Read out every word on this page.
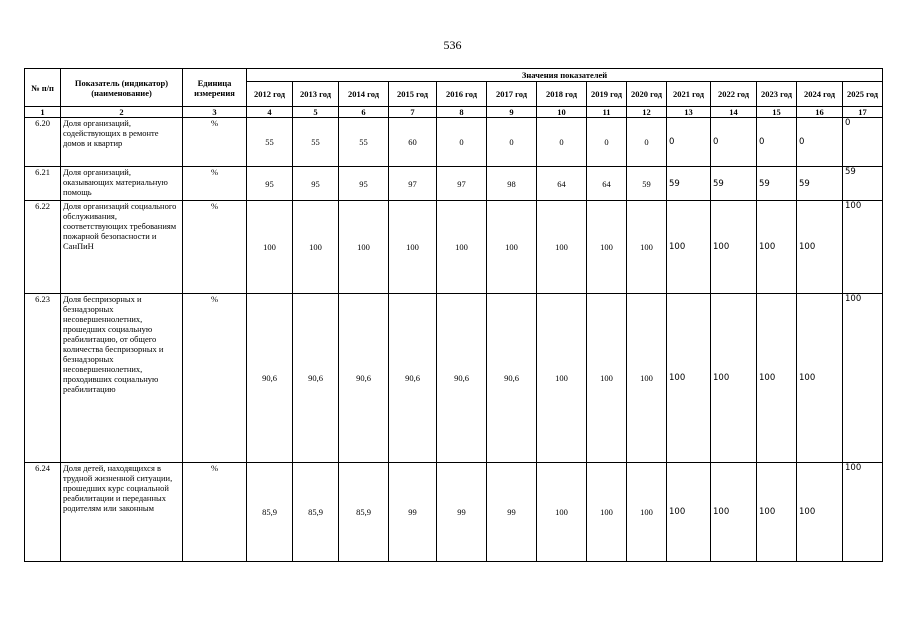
536
№ п/п	Показатель (индикатор) (наименование)	Единица измерения	Значения показателей													
			2012 год	2013 год	2014 год	2015 год	2016 год	2017 год	2018 год	2019 год	2020 год	2021 год	2022 год	2023 год	2024 год	2025 год
1	2	3	4	5	6	7	8	9	10	11	12	13	14	15	16	17
6.20	Доля организаций, содействующих в ремонте домов и квартир	%	55	55	55	60	0	0	0	0	0	0	0	0	0	0
6.21	Доля организаций, оказывающих материальную помощь	%	95	95	95	97	97	98	64	64	59	59	59	59	59	59
6.22	Доля организаций социального обслуживания, соответствующих требованиям пожарной безопасности и СанПиН	%	100	100	100	100	100	100	100	100	100	100	100	100	100	100
6.23	Доля беспризорных и безнадзорных несовершеннолетних, прошедших социальную реабилитацию, от общего количества беспризорных и безнадзорных несовершеннолетних, проходивших социальную реабилитацию	%	90,6	90,6	90,6	90,6	90,6	90,6	100	100	100	100	100	100	100	100
6.24	Доля детей, находящихся в трудной жизненной ситуации, прошедших курс социальной реабилитации и переданных родителям или законным	%	85,9	85,9	85,9	99	99	99	100	100	100	100	100	100	100	100
